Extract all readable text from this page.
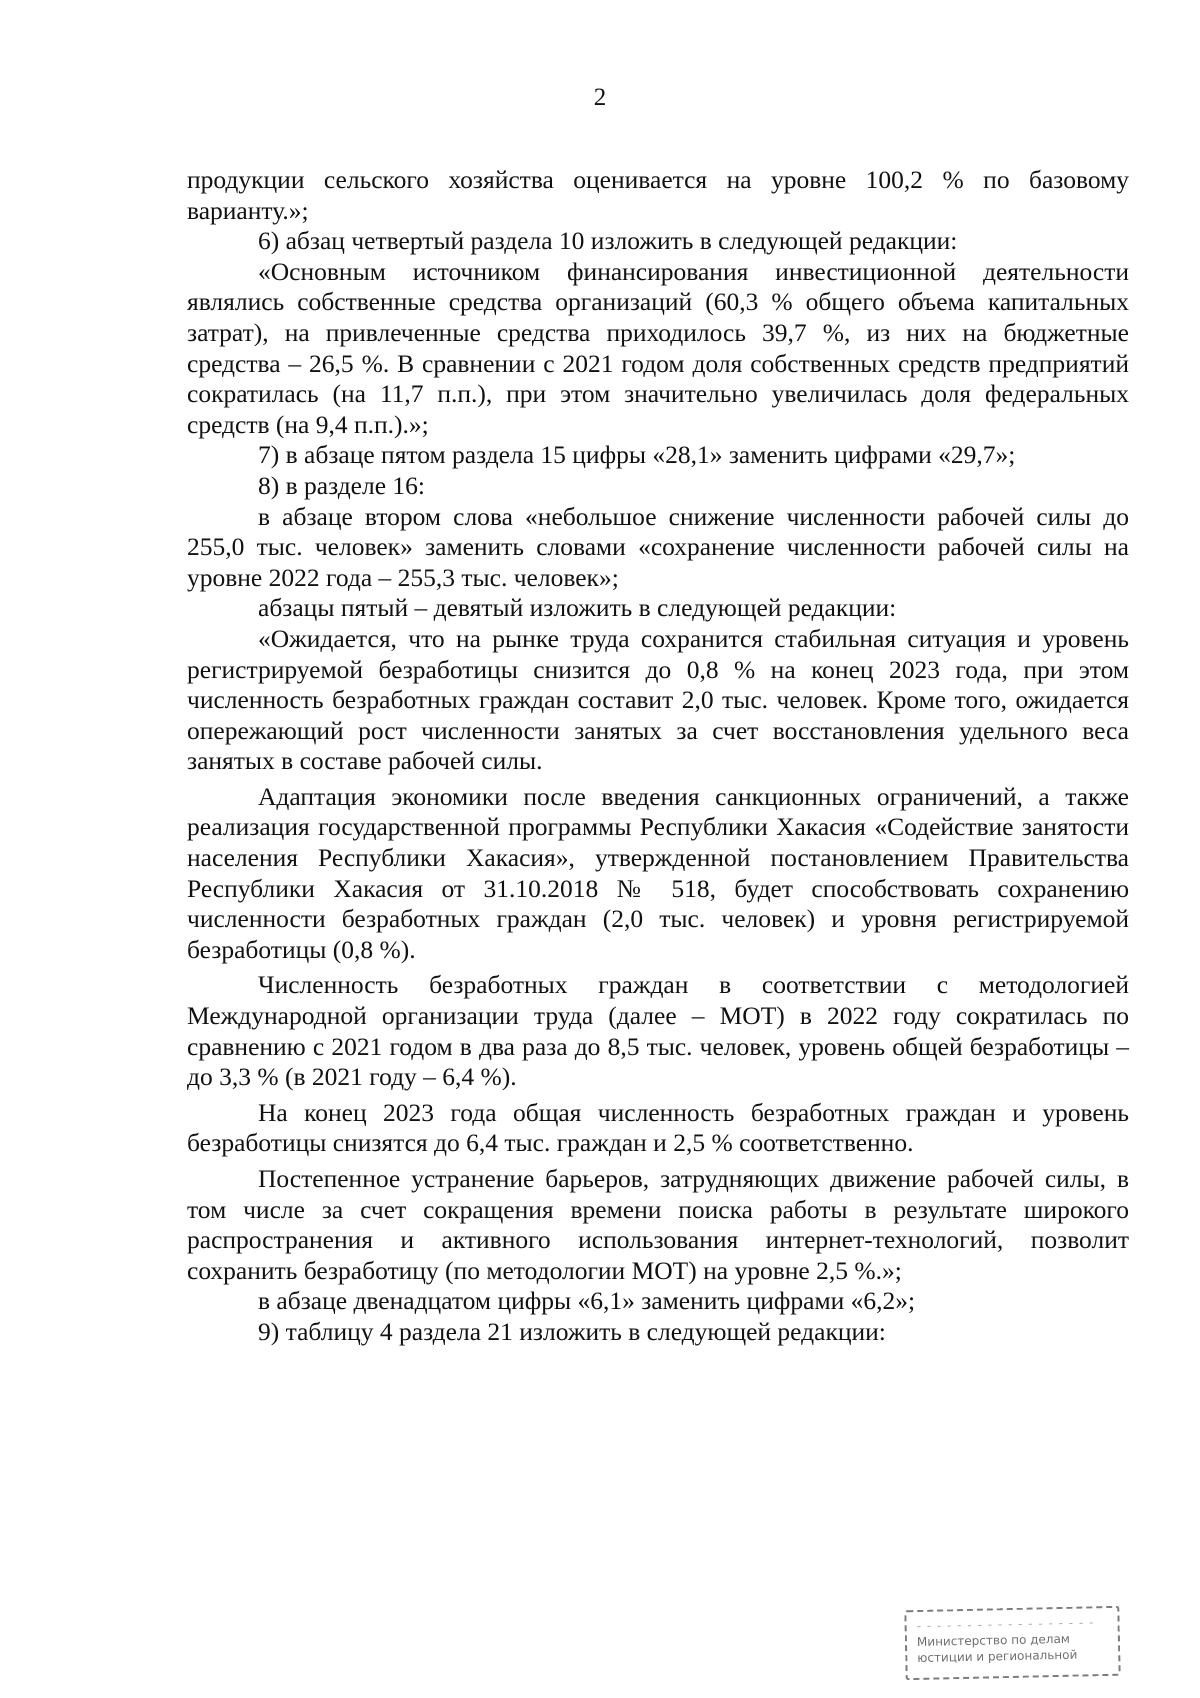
2

продукции сельского хозяйства оценивается на уровне 100,2 % по базовому варианту.»;

6) абзац четвертый раздела 10 изложить в следующей редакции:

«Основным источником финансирования инвестиционной деятельности являлись собственные средства организаций (60,3 % общего объема капитальных затрат), на привлеченные средства приходилось 39,7 %, из них на бюджетные средства – 26,5 %. В сравнении с 2021 годом доля собственных средств предприятий сократилась (на 11,7 п.п.), при этом значительно увеличилась доля федеральных средств (на 9,4 п.п.).»;

7) в абзаце пятом раздела 15 цифры «28,1» заменить цифрами «29,7»;

8) в разделе 16:

в абзаце втором слова «небольшое снижение численности рабочей силы до 255,0 тыс. человек» заменить словами «сохранение численности рабочей силы на уровне 2022 года – 255,3 тыс. человек»;

абзацы пятый – девятый изложить в следующей редакции:

«Ожидается, что на рынке труда сохранится стабильная ситуация и уровень регистрируемой безработицы снизится до 0,8 % на конец 2023 года, при этом численность безработных граждан составит 2,0 тыс. человек. Кроме того, ожидается опережающий рост численности занятых за счет восстановления удельного веса занятых в составе рабочей силы.

Адаптация экономики после введения санкционных ограничений, а также реализация государственной программы Республики Хакасия «Содействие занятости населения Республики Хакасия», утвержденной постановлением Правительства Республики Хакасия от 31.10.2018 № 518, будет способствовать сохранению численности безработных граждан (2,0 тыс. человек) и уровня регистрируемой безработицы (0,8 %).

Численность безработных граждан в соответствии с методологией Международной организации труда (далее – МОТ) в 2022 году сократилась по сравнению с 2021 годом в два раза до 8,5 тыс. человек, уровень общей безработицы – до 3,3 % (в 2021 году – 6,4 %).

На конец 2023 года общая численность безработных граждан и уровень безработицы снизятся до 6,4 тыс. граждан и 2,5 % соответственно.

Постепенное устранение барьеров, затрудняющих движение рабочей силы, в том числе за счет сокращения времени поиска работы в результате широкого распространения и активного использования интернет-технологий, позволит сохранить безработицу (по методологии МОТ) на уровне 2,5 %.»;

в абзаце двенадцатом цифры «6,1» заменить цифрами «6,2»;

9) таблицу 4 раздела 21 изложить в следующей редакции:

- - - - - - - - - - - - - - - - - -
Министерство по делам
юстиции и региональной
